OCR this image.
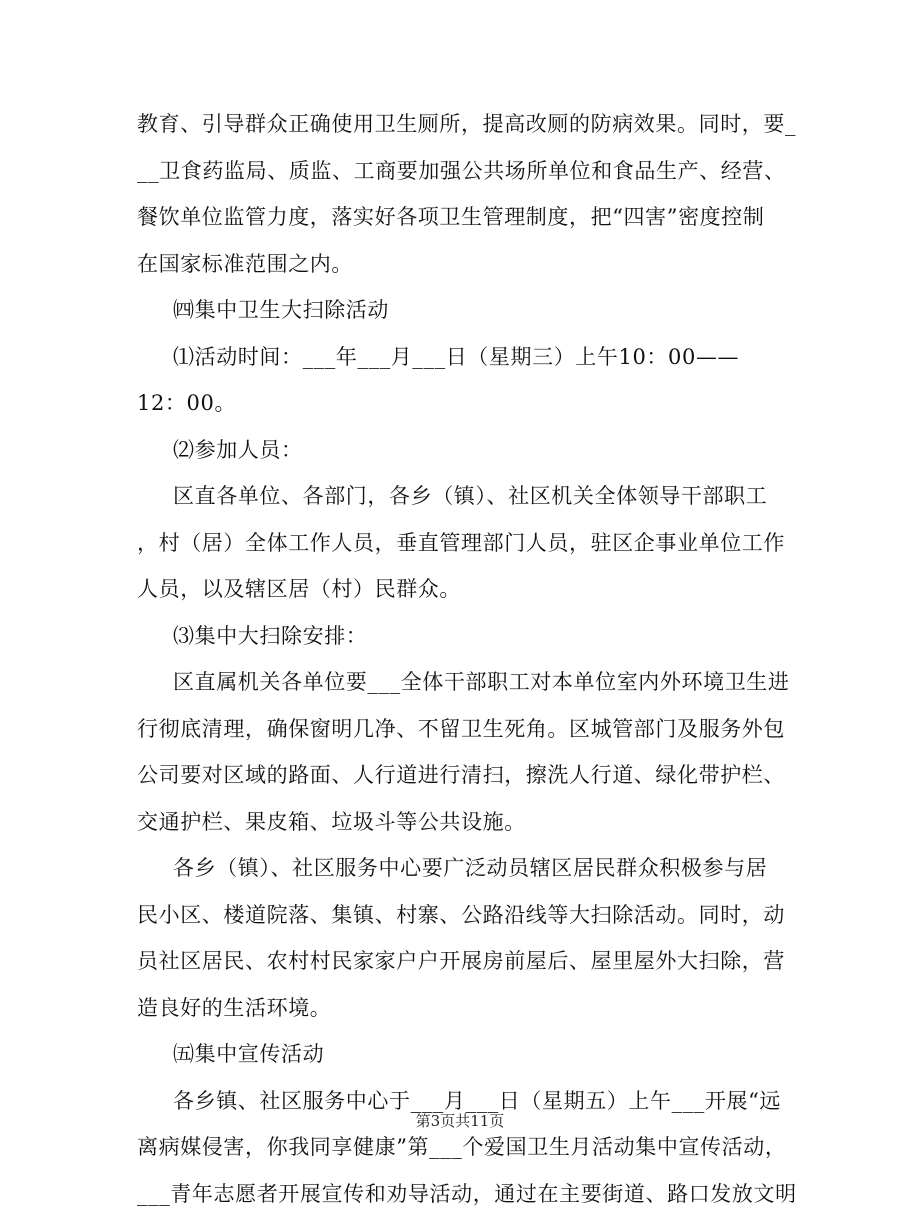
教育、引导群众正确使用卫生厕所，提高改厕的防病效果。同时，要_
__卫食药监局、质监、工商要加强公共场所单位和食品生产、经营、
餐饮单位监管力度，落实好各项卫生管理制度，把“四害”密度控制
在国家标准范围之内。
㈣集中卫生大扫除活动
⑴活动时间：___年___月___日（星期三）上午10：00——
12：00。
⑵参加人员：
区直各单位、各部门，各乡（镇）、社区机关全体领导干部职工
，村（居）全体工作人员，垂直管理部门人员，驻区企事业单位工作
人员，以及辖区居（村）民群众。
⑶集中大扫除安排：
区直属机关各单位要___全体干部职工对本单位室内外环境卫生进
行彻底清理，确保窗明几净、不留卫生死角。区城管部门及服务外包
公司要对区域的路面、人行道进行清扫，擦洗人行道、绿化带护栏、
交通护栏、果皮箱、垃圾斗等公共设施。
各乡（镇）、社区服务中心要广泛动员辖区居民群众积极参与居
民小区、楼道院落、集镇、村寨、公路沿线等大扫除活动。同时，动
员社区居民、农村村民家家户户开展房前屋后、屋里屋外大扫除，营
造良好的生活环境。
㈤集中宣传活动
各乡镇、社区服务中心于___月___日（星期五）上午___开展“远
离病媒侵害，你我同享健康”第___个爱国卫生月活动集中宣传活动，
___青年志愿者开展宣传和劝导活动，通过在主要街道、路口发放文明
第3页共11页
